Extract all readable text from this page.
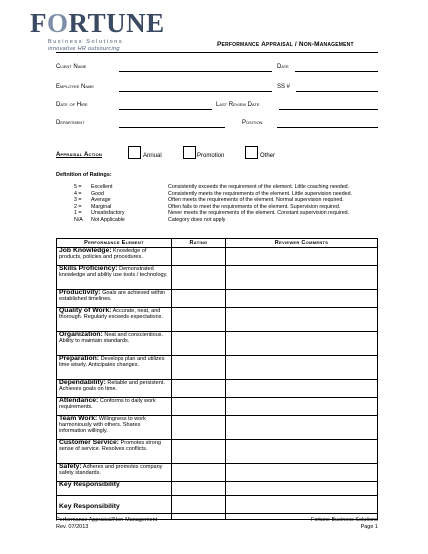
FORTUNE
Business Solutions
innovative HR outsourcing
Performance Appraisal / Non-Management
Client Name	Date
Employee Name	SS #
Date of Hire	Last Review Date
Department	Position
Appraisal Action	Annual	Promotion	Other
Definition of Ratings:
5 = Excellent	Consistently exceeds the requirement of the element. Little coaching needed.
4 = Good	Consistently meets the requirements of the element. Little supervision needed.
3 = Average	Often meets the requirements of the element. Normal supervision required.
2 = Marginal	Often fails to meet the requirements of the element. Supervision required.
1 = Unsatisfactory	Never meets the requirements of the element. Constant supervision required.
N/A Not Applicable	Category does not apply
Performance Element	Rating	Reviewer Comments
Job Knowledge: Knowledge of products, policies and procedures.		
Skills Proficiency: Demonstrated knowledge and ability use tools / technology.		
Productivity: Goals are achieved within established timelines.		
Quality of Work: Accurate, neat, and thorough. Regularly exceeds expectations.		
Organization: Neat and conscientious. Ability to maintain standards.		
Preparation: Develops plan and utilizes time wisely. Anticipates changes.		
Dependability: Reliable and persistent. Achieves goals on time.		
Attendance: Conforms to daily work requirements.		
Team Work: Willingness to work harmoniously with others. Shares information willingly.		
Customer Service: Promotes strong sense of service. Resolves conflicts.		
Safety: Adheres and promotes company safety standards.		
Key Responsibility		
Key Responsibility		
Performance Appraisal/Non-Management
Rev. 07/2013
Fortune Business Solutions
Page 1
